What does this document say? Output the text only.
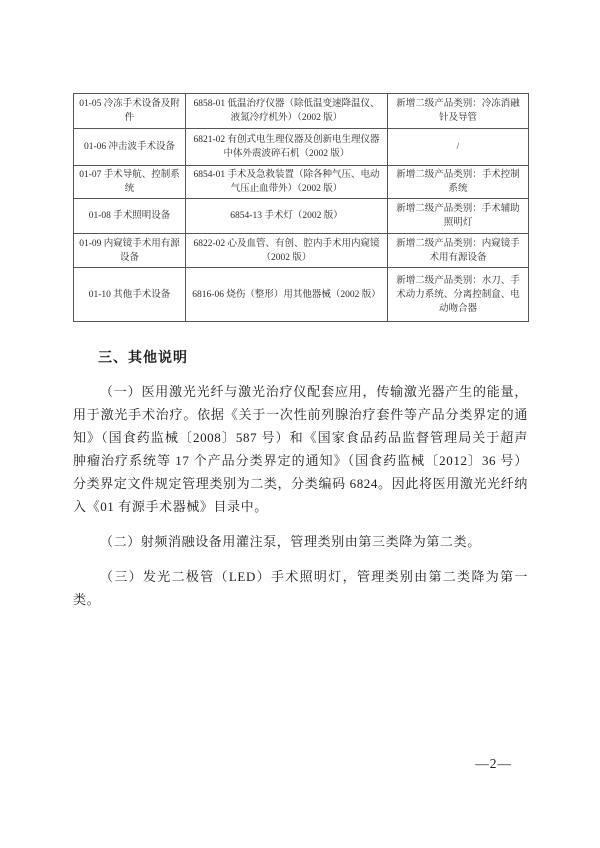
01-05 冷冻手术设备及附件	6858-01 低温治疗仪器（除低温变速降温仪、液氮冷疗机外）（2002 版）	新增二级产品类别：冷冻消融针及导管
01-06 冲击波手术设备	6821-02 有创式电生理仪器及创新电生理仪器中体外震波碎石机（2002 版）	/
01-07 手术导航、控制系统	6854-01 手术及急救装置（除各种气压、电动气压止血带外）（2002 版）	新增二级产品类别：手术控制系统
01-08 手术照明设备	6854-13 手术灯（2002 版）	新增二级产品类别：手术辅助照明灯
01-09 内窥镜手术用有源设备	6822-02 心及血管、有创、腔内手术用内窥镜（2002 版）	新增二级产品类别：内窥镜手术用有源设备
01-10 其他手术设备	6816-06 烧伤（整形）用其他器械（2002 版）	新增二级产品类别：水刀、手术动力系统、分离控制盒、电动吻合器
三、其他说明

（一）医用激光光纤与激光治疗仪配套应用，传输激光器产生的能量，用于激光手术治疗。依据《关于一次性前列腺治疗套件等产品分类界定的通知》（国食药监械〔2008〕587 号）和《国家食品药品监督管理局关于超声肿瘤治疗系统等 17 个产品分类界定的通知》（国食药监械〔2012〕36 号）分类界定文件规定管理类别为二类，分类编码 6824。因此将医用激光光纤纳入《01 有源手术器械》目录中。

（二）射频消融设备用灌注泵，管理类别由第三类降为第二类。

（三）发光二极管（LED）手术照明灯，管理类别由第二类降为第一类。

—2—
